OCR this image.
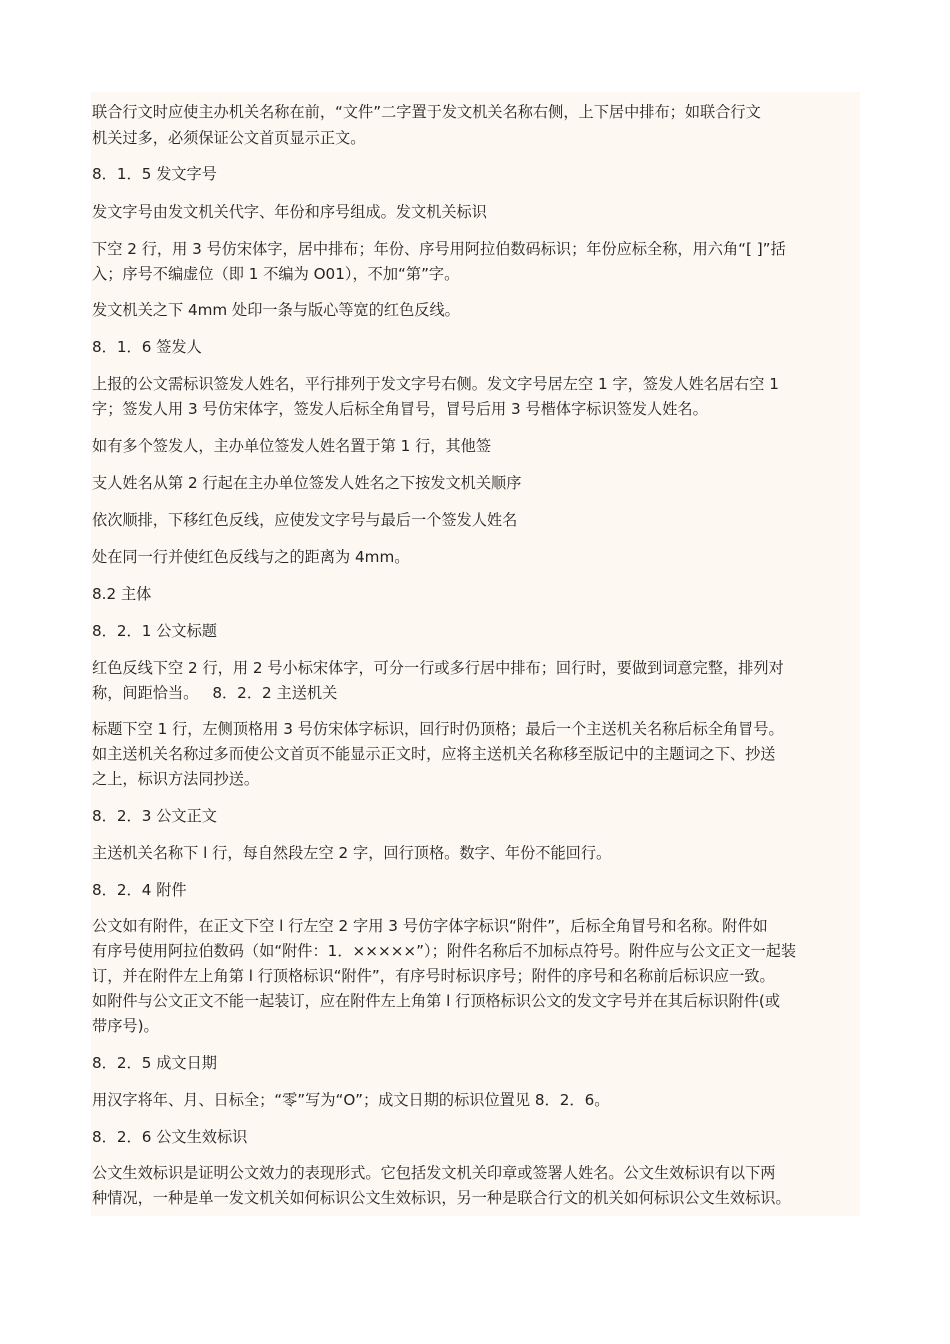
联合行文时应使主办机关名称在前，“文件”二字置于发文机关名称右侧，上下居中排布；如联合行文
机关过多，必须保证公文首页显示正文。
8．1．5 发文字号
发文字号由发文机关代字、年份和序号组成。发文机关标识
下空 2 行，用 3 号仿宋体字，居中排布；年份、序号用阿拉伯数码标识；年份应标全称，用六角“[ ]”括
入；序号不编虚位（即 1 不编为 O01），不加“第”字。
发文机关之下 4mm 处印一条与版心等宽的红色反线。
8．1．6 签发人
上报的公文需标识签发人姓名，平行排列于发文字号右侧。发文字号居左空 1 字，签发人姓名居右空 1
字；签发人用 3 号仿宋体字，签发人后标全角冒号，冒号后用 3 号楷体字标识签发人姓名。
如有多个签发人，主办单位签发人姓名置于第 1 行，其他签
支人姓名从第 2 行起在主办单位签发人姓名之下按发文机关顺序
依次顺排，下移红色反线，应使发文字号与最后一个签发人姓名
处在同一行并使红色反线与之的距离为 4mm。
8.2 主体
8．2．1 公文标题
红色反线下空 2 行，用 2 号小标宋体字，可分一行或多行居中排布；回行时，要做到词意完整，排列对
称，间距恰当。 8．2．2 主送机关
标题下空 1 行，左侧顶格用 3 号仿宋体字标识，回行时仍顶格；最后一个主送机关名称后标全角冒号。
如主送机关名称过多而使公文首页不能显示正文时，应将主送机关名称移至版记中的主题词之下、抄送
之上，标识方法同抄送。
8．2．3 公文正文
主送机关名称下 l 行，每自然段左空 2 字，回行顶格。数字、年份不能回行。
8．2．4 附件
公文如有附件，在正文下空 l 行左空 2 字用 3 号仿字体字标识“附件”，后标全角冒号和名称。附件如
有序号使用阿拉伯数码（如“附件：1．×××××”）；附件名称后不加标点符号。附件应与公文正文一起装
订，并在附件左上角第 l 行顶格标识“附件”，有序号时标识序号；附件的序号和名称前后标识应一致。
如附件与公文正文不能一起装订，应在附件左上角第 l 行顶格标识公文的发文字号并在其后标识附件(或
带序号)。
8．2．5 成文日期
用汉字将年、月、日标全；“零”写为“O”；成文日期的标识位置见 8．2．6。
8．2．6 公文生效标识
公文生效标识是证明公文效力的表现形式。它包括发文机关印章或签署人姓名。公文生效标识有以下两
种情况，一种是单一发文机关如何标识公文生效标识，另一种是联合行文的机关如何标识公文生效标识。
